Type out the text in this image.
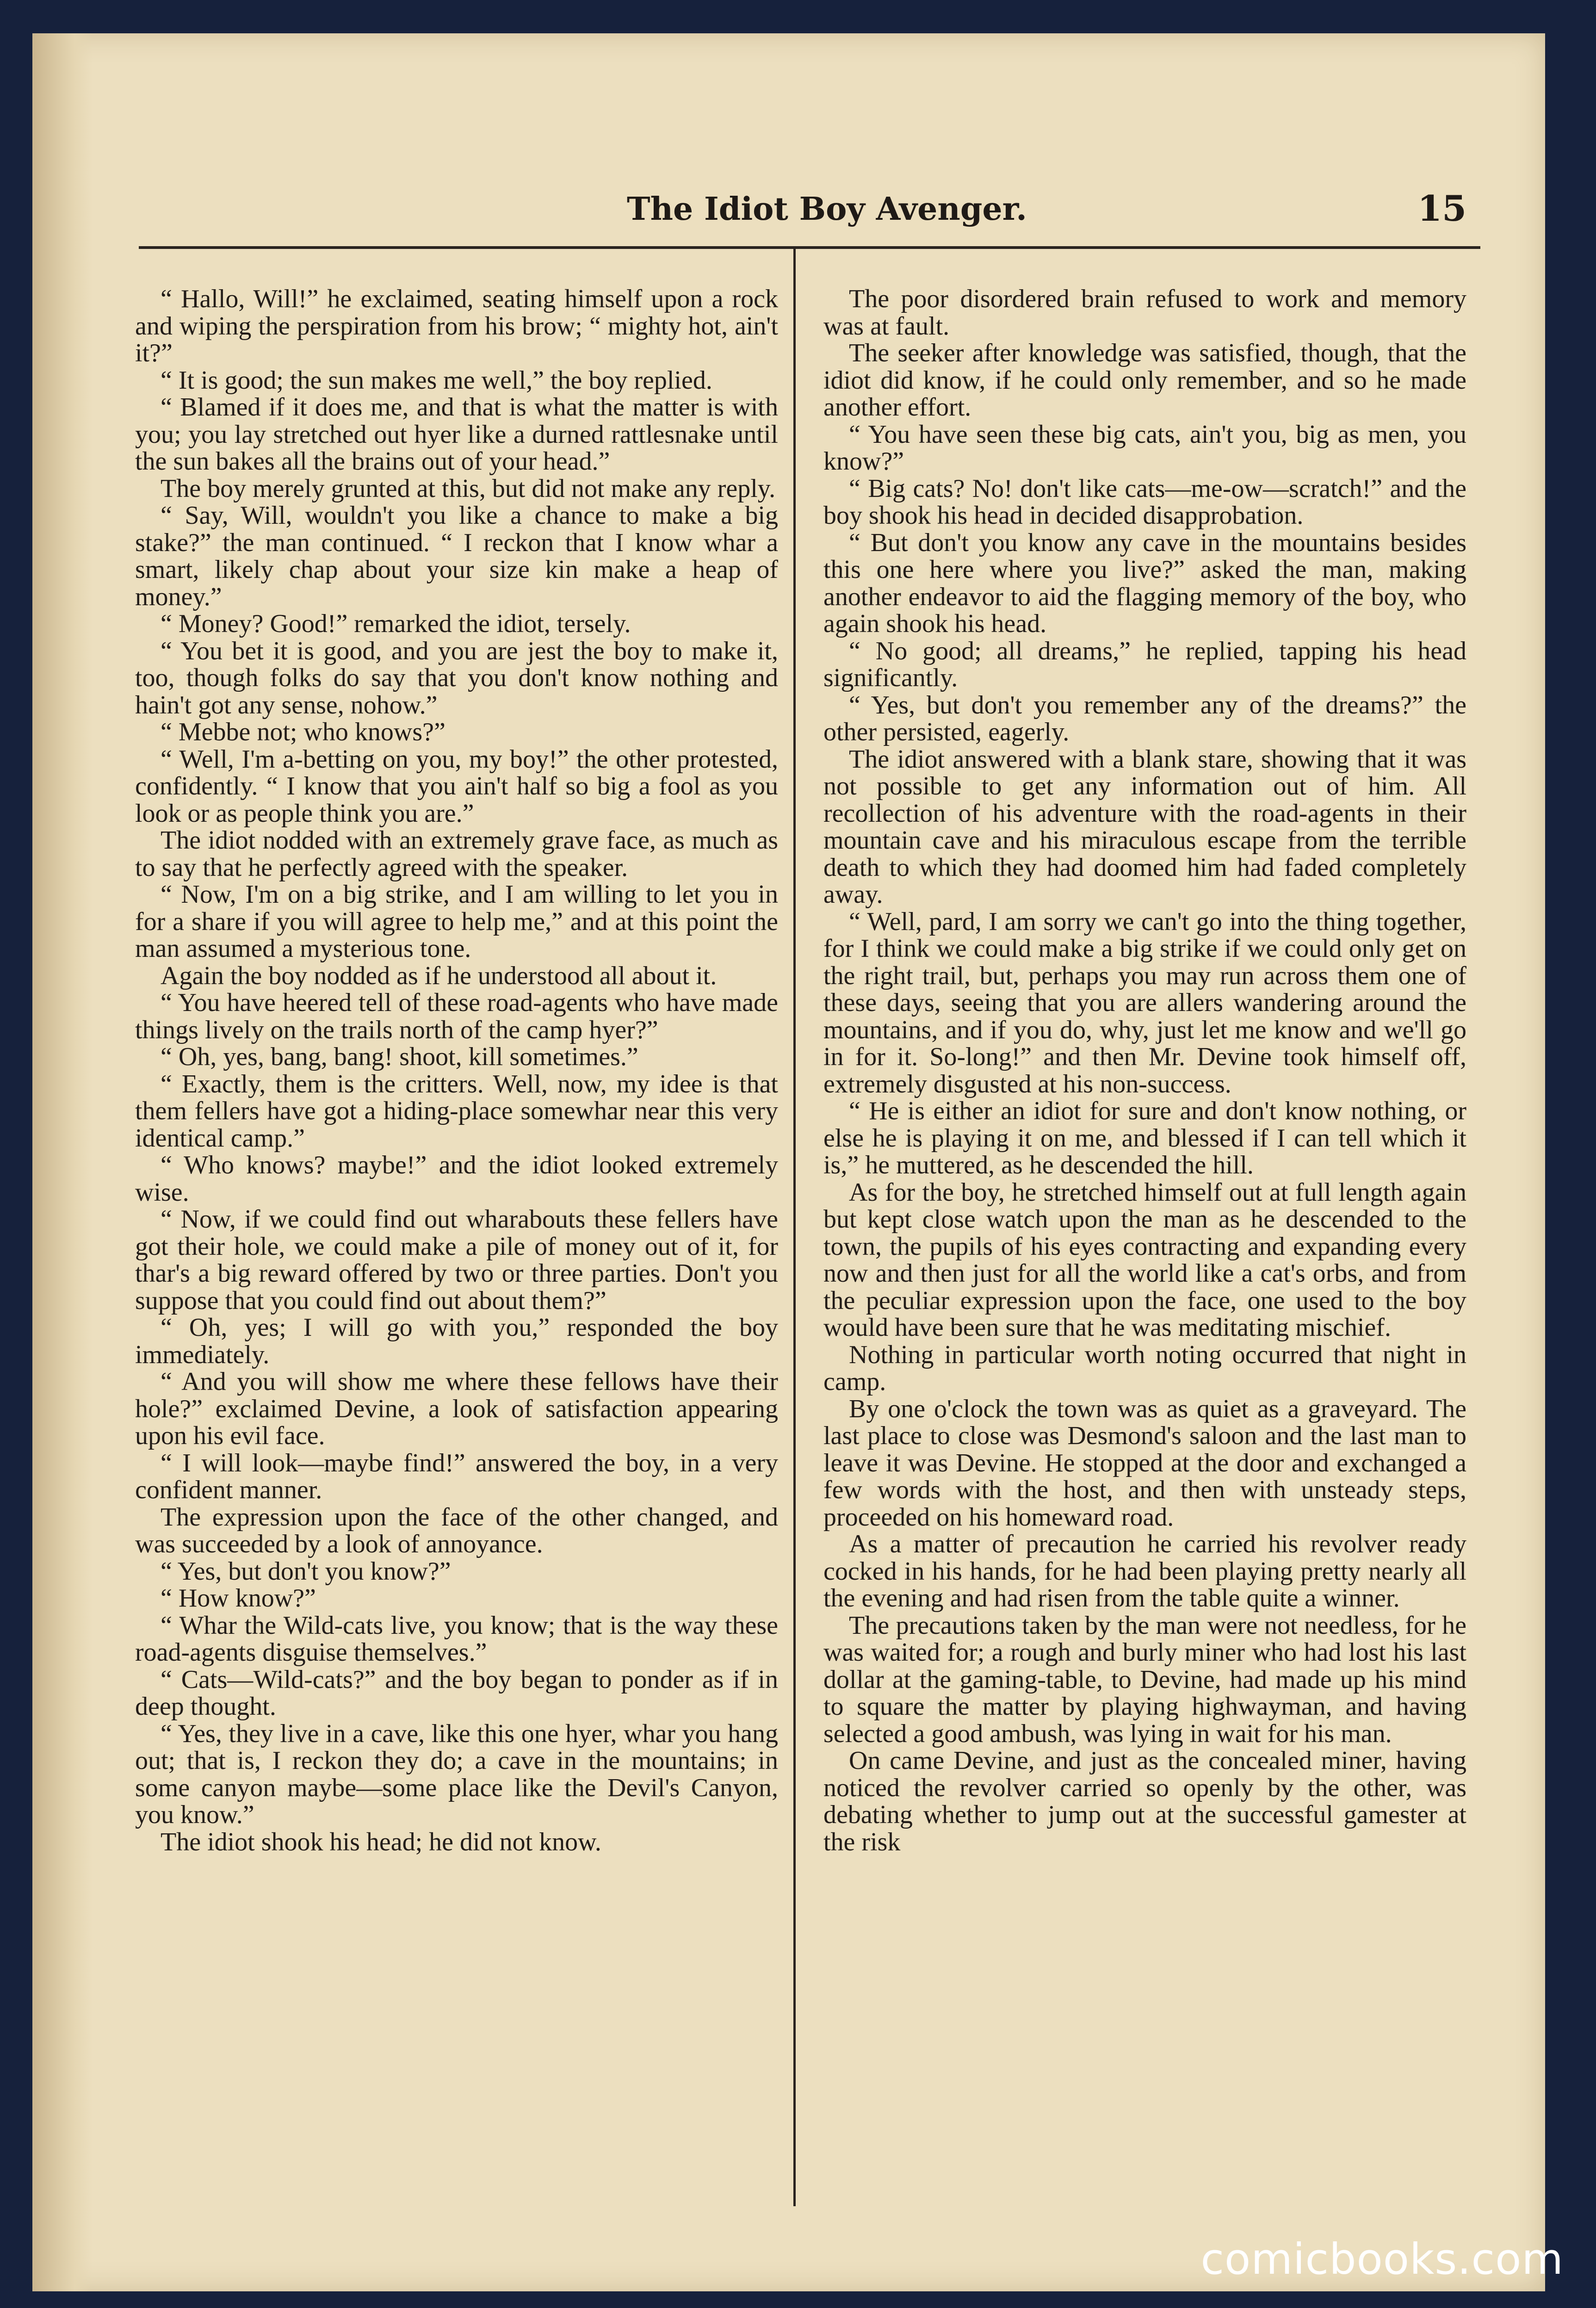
The Idiot Boy Avenger.	15

“ Hallo, Will!” he exclaimed, seating himself upon a rock and wiping the perspiration from his brow; “ mighty hot, ain't it?”

“ It is good; the sun makes me well,” the boy replied.

“ Blamed if it does me, and that is what the matter is with you; you lay stretched out hyer like a durned rattlesnake until the sun bakes all the brains out of your head.”

The boy merely grunted at this, but did not make any reply.

“ Say, Will, wouldn't you like a chance to make a big stake?” the man continued. “ I reckon that I know whar a smart, likely chap about your size kin make a heap of money.”

“ Money? Good!” remarked the idiot, tersely.

“ You bet it is good, and you are jest the boy to make it, too, though folks do say that you don't know nothing and hain't got any sense, nohow.”

“ Mebbe not; who knows?”

“ Well, I'm a-betting on you, my boy!” the other protested, confidently. “ I know that you ain't half so big a fool as you look or as people think you are.”

The idiot nodded with an extremely grave face, as much as to say that he perfectly agreed with the speaker.

“ Now, I'm on a big strike, and I am willing to let you in for a share if you will agree to help me,” and at this point the man assumed a mysterious tone.

Again the boy nodded as if he understood all about it.

“ You have heered tell of these road-agents who have made things lively on the trails north of the camp hyer?”

“ Oh, yes, bang, bang! shoot, kill sometimes.”

“ Exactly, them is the critters. Well, now, my idee is that them fellers have got a hiding-place somewhar near this very identical camp.”

“ Who knows? maybe!” and the idiot looked extremely wise.

“ Now, if we could find out wharabouts these fellers have got their hole, we could make a pile of money out of it, for thar's a big reward offered by two or three parties. Don't you suppose that you could find out about them?”

“ Oh, yes; I will go with you,” responded the boy immediately.

“ And you will show me where these fellows have their hole?” exclaimed Devine, a look of satisfaction appearing upon his evil face.

“ I will look—maybe find!” answered the boy, in a very confident manner.

The expression upon the face of the other changed, and was succeeded by a look of annoyance.

“ Yes, but don't you know?”

“ How know?”

“ Whar the Wild-cats live, you know; that is the way these road-agents disguise themselves.”

“ Cats—Wild-cats?” and the boy began to ponder as if in deep thought.

“ Yes, they live in a cave, like this one hyer, whar you hang out; that is, I reckon they do; a cave in the mountains; in some canyon maybe—some place like the Devil's Canyon, you know.”

The idiot shook his head; he did not know.

The poor disordered brain refused to work and memory was at fault.

The seeker after knowledge was satisfied, though, that the idiot did know, if he could only remember, and so he made another effort.

“ You have seen these big cats, ain't you, big as men, you know?”

“ Big cats? No! don't like cats—me-ow—scratch!” and the boy shook his head in decided disapprobation.

“ But don't you know any cave in the mountains besides this one here where you live?” asked the man, making another endeavor to aid the flagging memory of the boy, who again shook his head.

“ No good; all dreams,” he replied, tapping his head significantly.

“ Yes, but don't you remember any of the dreams?” the other persisted, eagerly.

The idiot answered with a blank stare, showing that it was not possible to get any information out of him. All recollection of his adventure with the road-agents in their mountain cave and his miraculous escape from the terrible death to which they had doomed him had faded completely away.

“ Well, pard, I am sorry we can't go into the thing together, for I think we could make a big strike if we could only get on the right trail, but, perhaps you may run across them one of these days, seeing that you are allers wandering around the mountains, and if you do, why, just let me know and we'll go in for it. So-long!” and then Mr. Devine took himself off, extremely disgusted at his non-success.

“ He is either an idiot for sure and don't know nothing, or else he is playing it on me, and blessed if I can tell which it is,” he muttered, as he descended the hill.

As for the boy, he stretched himself out at full length again but kept close watch upon the man as he descended to the town, the pupils of his eyes contracting and expanding every now and then just for all the world like a cat's orbs, and from the peculiar expression upon the face, one used to the boy would have been sure that he was meditating mischief.

Nothing in particular worth noting occurred that night in camp.

By one o'clock the town was as quiet as a graveyard. The last place to close was Desmond's saloon and the last man to leave it was Devine. He stopped at the door and exchanged a few words with the host, and then with unsteady steps, proceeded on his homeward road.

As a matter of precaution he carried his revolver ready cocked in his hands, for he had been playing pretty nearly all the evening and had risen from the table quite a winner.

The precautions taken by the man were not needless, for he was waited for; a rough and burly miner who had lost his last dollar at the gaming-table, to Devine, had made up his mind to square the matter by playing highwayman, and having selected a good ambush, was lying in wait for his man.

On came Devine, and just as the concealed miner, having noticed the revolver carried so openly by the other, was debating whether to jump out at the successful gamester at the risk

comicbooks.com
